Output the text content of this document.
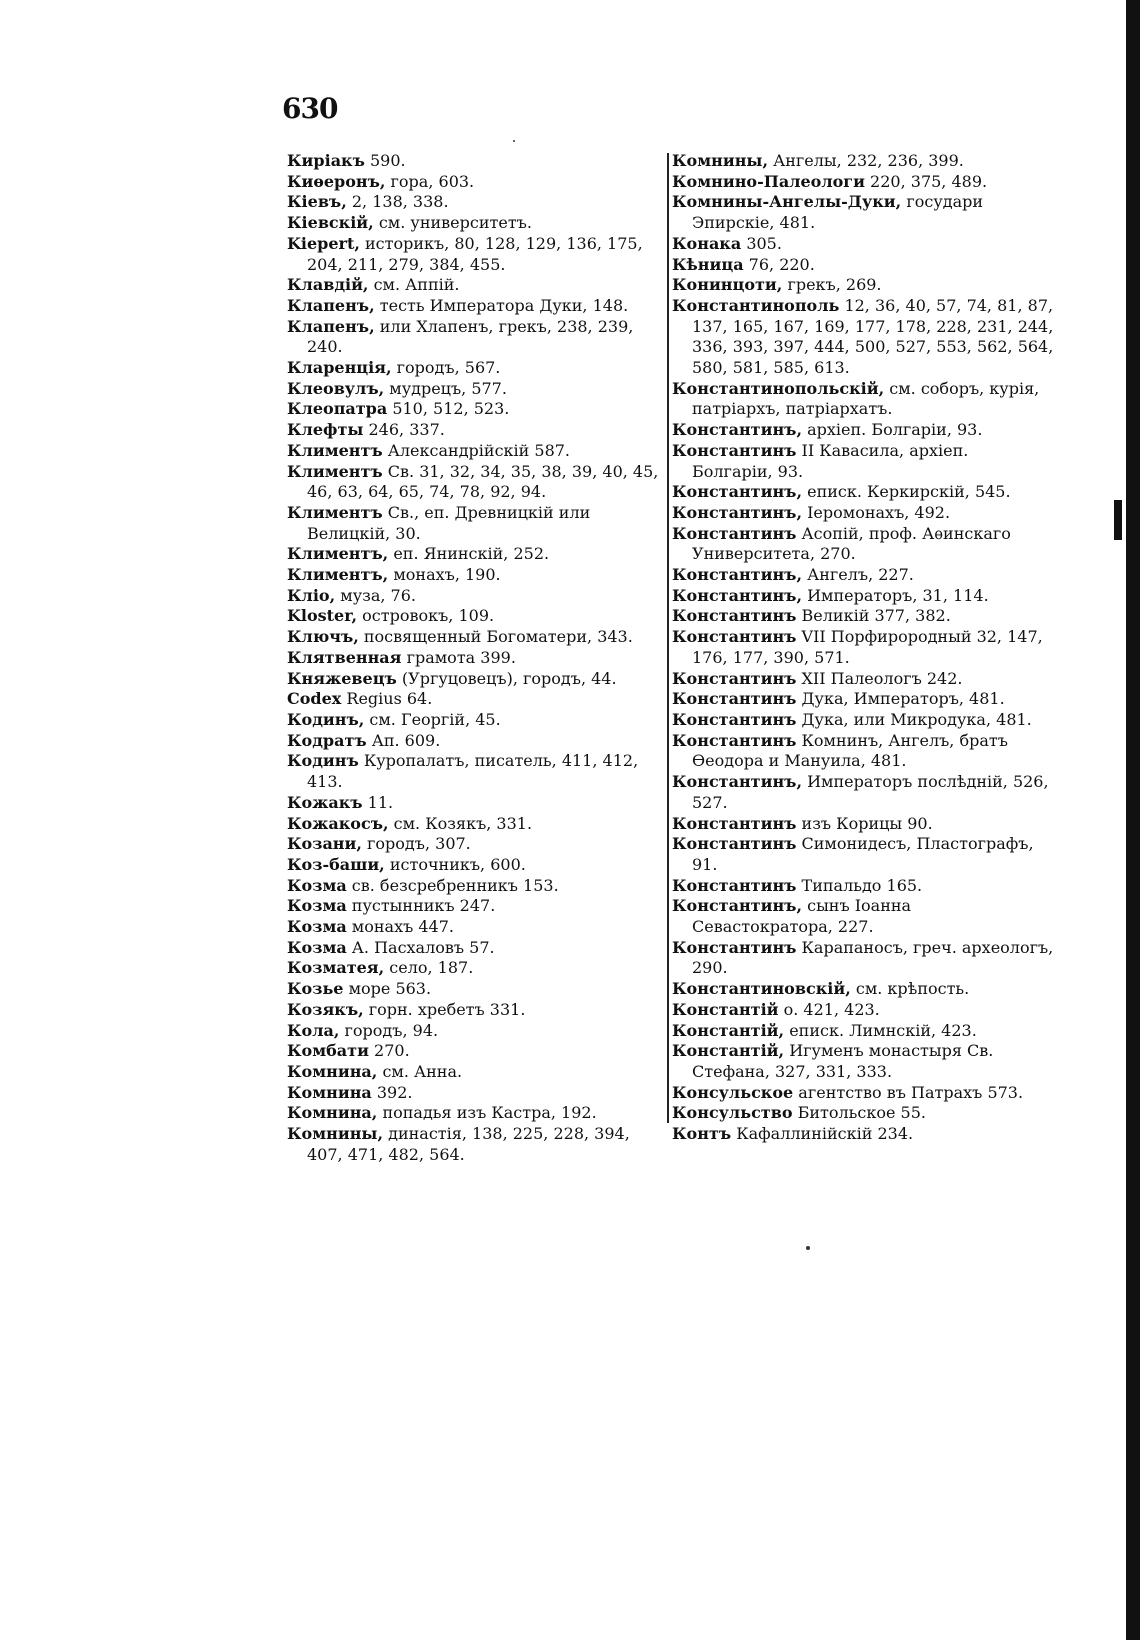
630
Кирiакъ 590.
Киѳеронъ, гора, 603.
Кiевъ, 2, 138, 338.
Кiевскiй, см. университетъ.
Kiepert, историкъ, 80, 128, 129, 136, 175, 204, 211, 279, 384, 455.
Клавдiй, см. Аппiй.
Клапенъ, тесть Императора Дуки, 148.
Клапенъ, или Хлапенъ, грекъ, 238, 239, 240.
Кларенцiя, городъ, 567.
Клеовулъ, мудрецъ, 577.
Клеопатра 510, 512, 523.
Клефты 246, 337.
Климентъ Александрiйскiй 587.
Климентъ Св. 31, 32, 34, 35, 38, 39, 40, 45, 46, 63, 64, 65, 74, 78, 92, 94.
Климентъ Св., еп. Древницкiй или Велицкiй, 30.
Климентъ, еп. Янинскiй, 252.
Климентъ, монахъ, 190.
Клiо, муза, 76.
Kloster, островокъ, 109.
Ключъ, посвященный Богоматери, 343.
Клятвенная грамота 399.
Княжевецъ (Ургуцовецъ), городъ, 44.
Codex Regius 64.
Кодинъ, см. Георгiй, 45.
Кодратъ Ап. 609.
Кодинъ Куропалатъ, писатель, 411, 412, 413.
Кожакъ 11.
Кожакосъ, см. Козякъ, 331.
Козани, городъ, 307.
Коз-баши, источникъ, 600.
Козма св. безсребренникъ 153.
Козма пустынникъ 247.
Козма монахъ 447.
Козма А. Пасхаловъ 57.
Козматея, село, 187.
Козье море 563.
Козякъ, горн. хребетъ 331.
Кола, городъ, 94.
Комбати 270.
Комнина, см. Анна.
Комнина 392.
Комнина, попадья изъ Кастра, 192.
Комнины, династiя, 138, 225, 228, 394, 407, 471, 482, 564.
Комнины, Ангелы, 232, 236, 399.
Комнино-Палеологи 220, 375, 489.
Комнины-Ангелы-Дуки, государи Эпирскiе, 481.
Конака 305.
Кѣница 76, 220.
Конинцоти, грекъ, 269.
Константинополь 12, 36, 40, 57, 74, 81, 87, 137, 165, 167, 169, 177, 178, 228, 231, 244, 336, 393, 397, 444, 500, 527, 553, 562, 564, 580, 581, 585, 613.
Константинопольскiй, см. соборъ, курiя, патрiархъ, патрiархатъ.
Константинъ, архiеп. Болгарiи, 93.
Константинъ II Кавасила, архiеп. Болгарiи, 93.
Константинъ, еписк. Керкирскiй, 545.
Константинъ, Iеромонахъ, 492.
Константинъ Асопiй, проф. Аѳинскаго Университета, 270.
Константинъ, Ангелъ, 227.
Константинъ, Императоръ, 31, 114.
Константинъ Великiй 377, 382.
Константинъ VII Порфирородный 32, 147, 176, 177, 390, 571.
Константинъ XII Палеологъ 242.
Константинъ Дука, Императоръ, 481.
Константинъ Дука, или Микродука, 481.
Константинъ Комнинъ, Ангелъ, братъ Ѳеодора и Мануила, 481.
Константинъ, Императоръ послѣднiй, 526, 527.
Константинъ изъ Корицы 90.
Константинъ Симонидесъ, Пластографъ, 91.
Константинъ Типальдо 165.
Константинъ, сынъ Iоанна Севастократора, 227.
Константинъ Карапаносъ, греч. археологъ, 290.
Константиновскiй, см. крѣпость.
Константiй о. 421, 423.
Константiй, еписк. Лимнскiй, 423.
Константiй, Игуменъ монастыря Св. Стефана, 327, 331, 333.
Консульское агентство въ Патрахъ 573.
Консульство Битольское 55.
Контъ Кафаллинiйскiй 234.
